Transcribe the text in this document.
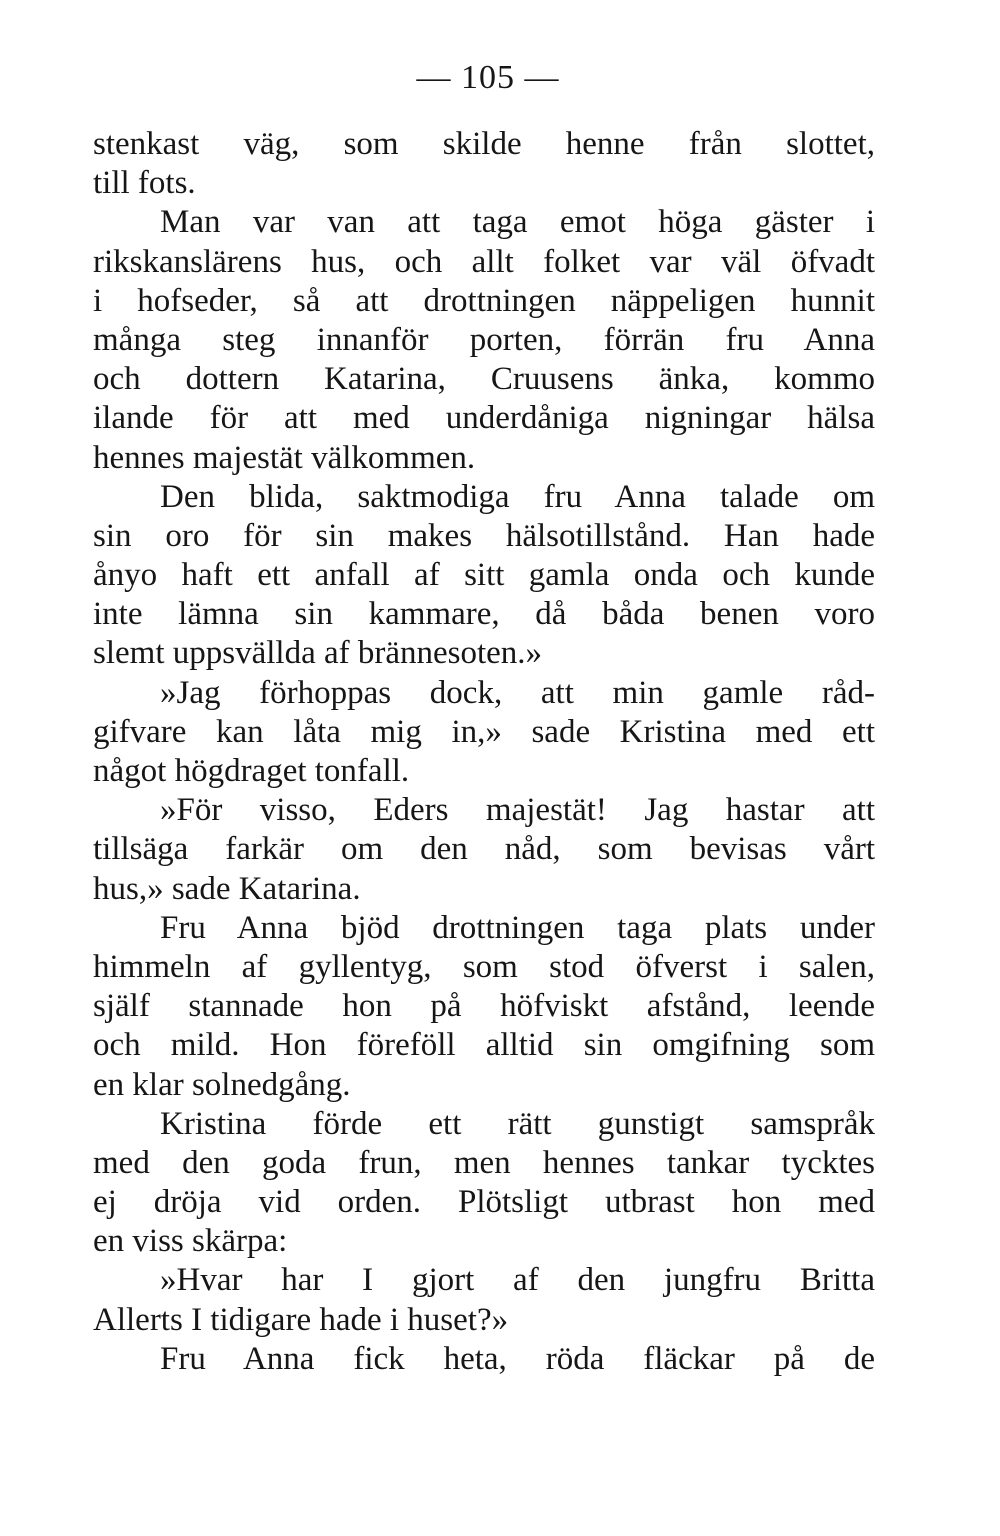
— 105 —
stenkast väg, som skilde henne från slottet,
till fots.
Man var van att taga emot höga gäster i
rikskanslärens hus, och allt folket var väl öfvadt
i hofseder, så att drottningen näppeligen hunnit
många steg innanför porten, förrän fru Anna
och dottern Katarina, Cruusens änka, kommo
ilande för att med underdåniga nigningar hälsa
hennes majestät välkommen.
Den blida, saktmodiga fru Anna talade om
sin oro för sin makes hälsotillstånd. Han hade
ånyo haft ett anfall af sitt gamla onda och kunde
inte lämna sin kammare, då båda benen voro
slemt uppsvällda af brännesoten.»
»Jag förhoppas dock, att min gamle råd-
gifvare kan låta mig in,» sade Kristina med ett
något högdraget tonfall.
»För visso, Eders majestät! Jag hastar att
tillsäga farkär om den nåd, som bevisas vårt
hus,» sade Katarina.
Fru Anna bjöd drottningen taga plats under
himmeln af gyllentyg, som stod öfverst i salen,
själf stannade hon på höfviskt afstånd, leende
och mild. Hon föreföll alltid sin omgifning som
en klar solnedgång.
Kristina förde ett rätt gunstigt samspråk
med den goda frun, men hennes tankar tycktes
ej dröja vid orden. Plötsligt utbrast hon med
en viss skärpa:
»Hvar har I gjort af den jungfru Britta
Allerts I tidigare hade i huset?»
Fru Anna fick heta, röda fläckar på de
